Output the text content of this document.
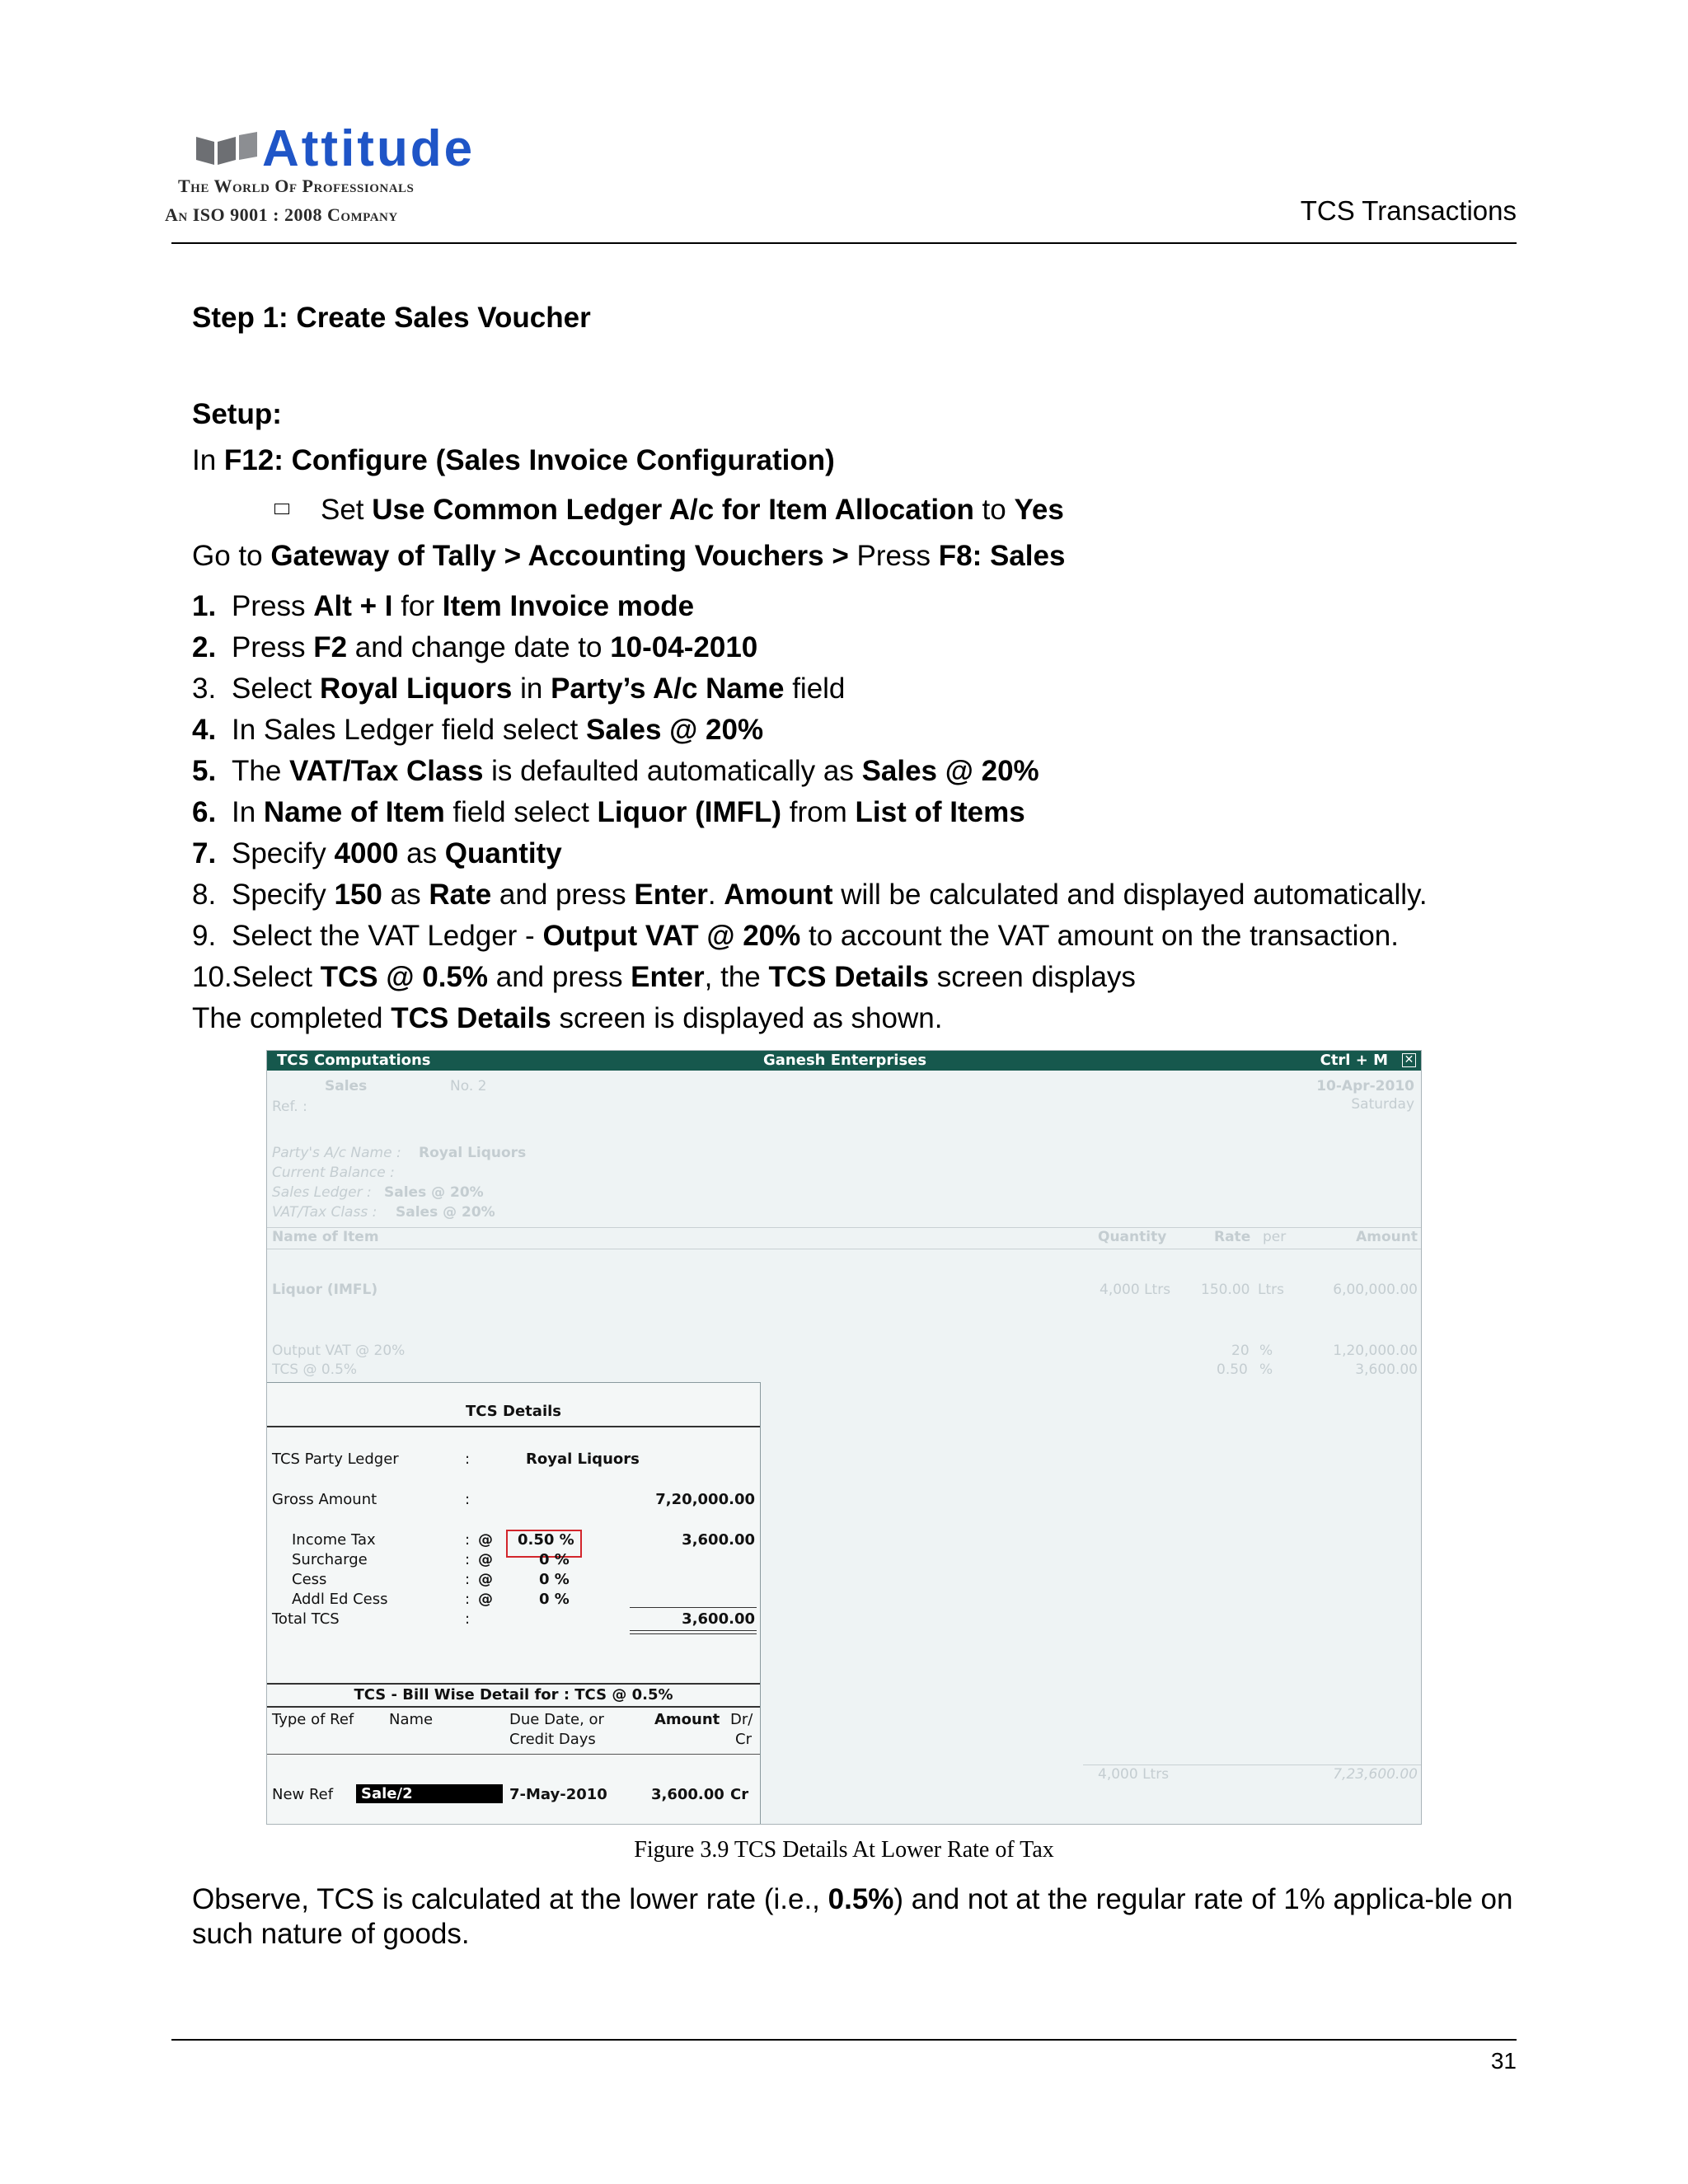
Attitude
The World Of Professionals
An ISO 9001 : 2008 Company	TCS Transactions
Step 1: Create Sales Voucher
Setup:
In F12: Configure (Sales Invoice Configuration)
Set Use Common Ledger A/c for Item Allocation to Yes
Go to Gateway of Tally > Accounting Vouchers > Press F8: Sales
1. Press Alt + I for Item Invoice mode
2. Press F2 and change date to 10-04-2010
3. Select Royal Liquors in Party’s A/c Name field
4. In Sales Ledger field select Sales @ 20%
5. The VAT/Tax Class is defaulted automatically as Sales @ 20%
6. In Name of Item field select Liquor (IMFL) from List of Items
7. Specify 4000 as Quantity
8. Specify 150 as Rate and press Enter. Amount will be calculated and displayed automatically.
9. Select the VAT Ledger - Output VAT @ 20% to account the VAT amount on the transaction.
10.Select TCS @ 0.5% and press Enter, the TCS Details screen displays
The completed TCS Details screen is displayed as shown.
TCS Computations	Ganesh Enterprises	Ctrl + M ✕
Sales	No. 2	10-Apr-2010
Saturday
Ref. :
Party's A/c Name : Royal Liquors
Current Balance :
Sales Ledger : Sales @ 20%
VAT/Tax Class : Sales @ 20%
Name of Item	Quantity	Rate per	Amount
Liquor (IMFL)	4,000 Ltrs 150.00 Ltrs	6,00,000.00
Output VAT @ 20%	20 %	1,20,000.00
TCS @ 0.5%	0.50 %	3,600.00
4,000 Ltrs	7,23,600.00
TCS Details
TCS Party Ledger	:	Royal Liquors
Gross Amount	:	7,20,000.00
Income Tax	: @ 0.50 %	3,600.00
Surcharge	: @	0 %
Cess	: @	0 %
Addl Ed Cess	: @	0 %
Total TCS	:	3,600.00
TCS - Bill Wise Detail for : TCS @ 0.5%
Type of Ref Name	Due Date, or
Credit Days
Amount Dr/
Cr
New Ref	Sale/2	7-May-2010	3,600.00 Cr
Figure 3.9 TCS Details At Lower Rate of Tax
Observe, TCS is calculated at the lower rate (i.e., 0.5%) and not at the regular rate of 1% applica-ble on such nature of goods.
31
